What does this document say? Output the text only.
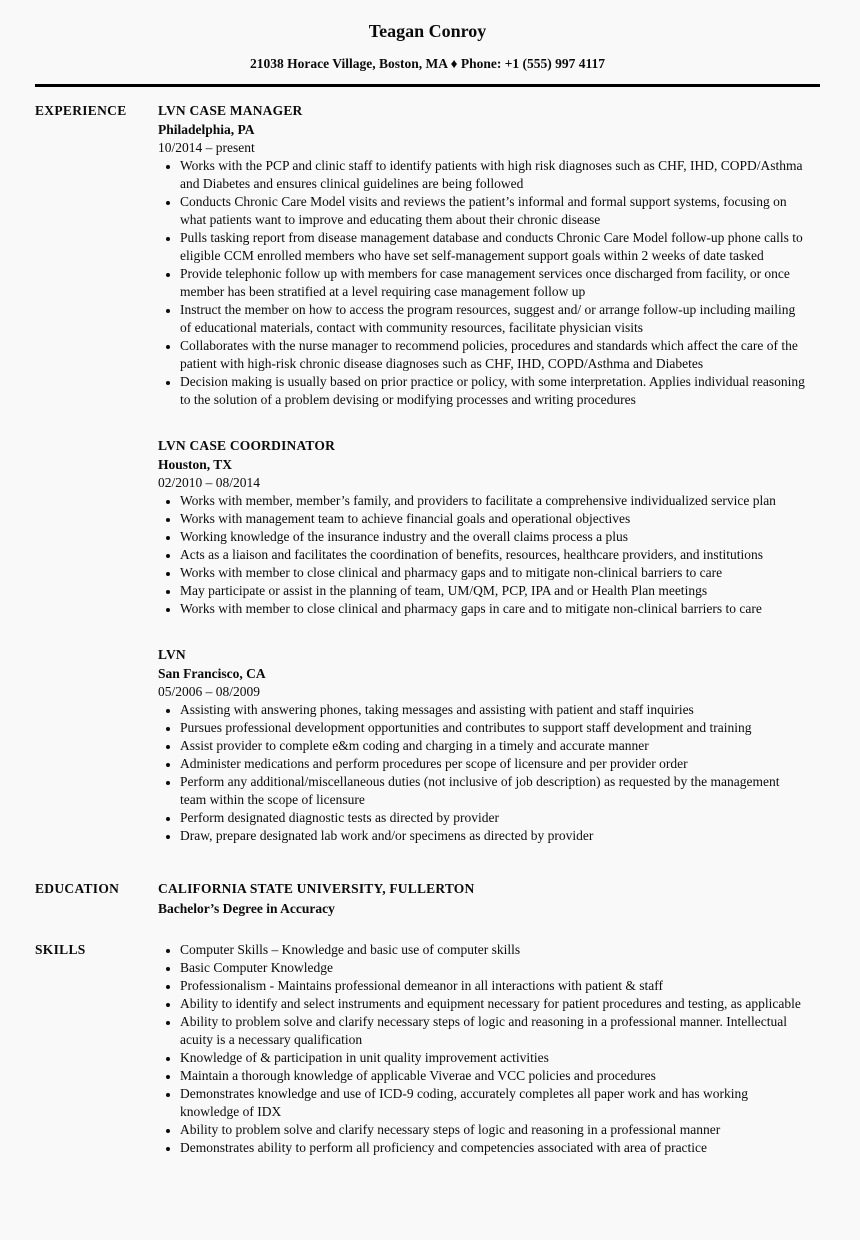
Teagan Conroy
21038 Horace Village, Boston, MA ♦ Phone: +1 (555) 997 4117
EXPERIENCE	LVN CASE MANAGER
Philadelphia, PA
10/2014 – present
• Works with the PCP and clinic staff to identify patients with high risk diagnoses such as CHF, IHD, COPD/Asthma and Diabetes and ensures clinical guidelines are being followed
• Conducts Chronic Care Model visits and reviews the patient’s informal and formal support systems, focusing on what patients want to improve and educating them about their chronic disease
• Pulls tasking report from disease management database and conducts Chronic Care Model follow-up phone calls to eligible CCM enrolled members who have set self-management support goals within 2 weeks of date tasked
• Provide telephonic follow up with members for case management services once discharged from facility, or once member has been stratified at a level requiring case management follow up
• Instruct the member on how to access the program resources, suggest and/ or arrange follow-up including mailing of educational materials, contact with community resources, facilitate physician visits
• Collaborates with the nurse manager to recommend policies, procedures and standards which affect the care of the patient with high-risk chronic disease diagnoses such as CHF, IHD, COPD/Asthma and Diabetes
• Decision making is usually based on prior practice or policy, with some interpretation. Applies individual reasoning to the solution of a problem devising or modifying processes and writing procedures
LVN CASE COORDINATOR
Houston, TX
02/2010 – 08/2014
• Works with member, member’s family, and providers to facilitate a comprehensive individualized service plan
• Works with management team to achieve financial goals and operational objectives
• Working knowledge of the insurance industry and the overall claims process a plus
• Acts as a liaison and facilitates the coordination of benefits, resources, healthcare providers, and institutions
• Works with member to close clinical and pharmacy gaps and to mitigate non-clinical barriers to care
• May participate or assist in the planning of team, UM/QM, PCP, IPA and or Health Plan meetings
• Works with member to close clinical and pharmacy gaps in care and to mitigate non-clinical barriers to care
LVN
San Francisco, CA
05/2006 – 08/2009
• Assisting with answering phones, taking messages and assisting with patient and staff inquiries
• Pursues professional development opportunities and contributes to support staff development and training
• Assist provider to complete e&m coding and charging in a timely and accurate manner
• Administer medications and perform procedures per scope of licensure and per provider order
• Perform any additional/miscellaneous duties (not inclusive of job description) as requested by the management team within the scope of licensure
• Perform designated diagnostic tests as directed by provider
• Draw, prepare designated lab work and/or specimens as directed by provider
EDUCATION	CALIFORNIA STATE UNIVERSITY, FULLERTON
Bachelor’s Degree in Accuracy
SKILLS	• Computer Skills – Knowledge and basic use of computer skills
• Basic Computer Knowledge
• Professionalism - Maintains professional demeanor in all interactions with patient & staff
• Ability to identify and select instruments and equipment necessary for patient procedures and testing, as applicable
• Ability to problem solve and clarify necessary steps of logic and reasoning in a professional manner. Intellectual acuity is a necessary qualification
• Knowledge of & participation in unit quality improvement activities
• Maintain a thorough knowledge of applicable Viverae and VCC policies and procedures
• Demonstrates knowledge and use of ICD-9 coding, accurately completes all paper work and has working knowledge of IDX
• Ability to problem solve and clarify necessary steps of logic and reasoning in a professional manner
• Demonstrates ability to perform all proficiency and competencies associated with area of practice
